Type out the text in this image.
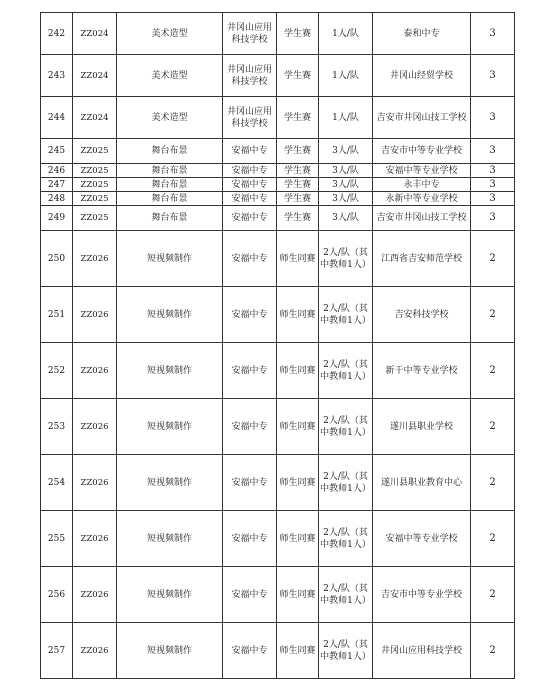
242	ZZ024	美术造型	井冈山应用科技学校	学生赛	1人/队	泰和中专	3
243	ZZ024	美术造型	井冈山应用科技学校	学生赛	1人/队	井冈山经贸学校	3
244	ZZ024	美术造型	井冈山应用科技学校	学生赛	1人/队	吉安市井冈山技工学校	3
245	ZZ025	舞台布景	安福中专	学生赛	3人/队	吉安市中等专业学校	3
246	ZZ025	舞台布景	安福中专	学生赛	3人/队	安福中等专业学校	3
247	ZZ025	舞台布景	安福中专	学生赛	3人/队	永丰中专	3
248	ZZ025	舞台布景	安福中专	学生赛	3人/队	永新中等专业学校	3
249	ZZ025	舞台布景	安福中专	学生赛	3人/队	吉安市井冈山技工学校	3
250	ZZ026	短视频制作	安福中专	师生同赛	2人/队（其中教师1人）	江西省吉安师范学校	2
251	ZZ026	短视频制作	安福中专	师生同赛	2人/队（其中教师1人）	吉安科技学校	2
252	ZZ026	短视频制作	安福中专	师生同赛	2人/队（其中教师1人）	新干中等专业学校	2
253	ZZ026	短视频制作	安福中专	师生同赛	2人/队（其中教师1人）	遂川县职业学校	2
254	ZZ026	短视频制作	安福中专	师生同赛	2人/队（其中教师1人）	遂川县职业教育中心	2
255	ZZ026	短视频制作	安福中专	师生同赛	2人/队（其中教师1人）	安福中等专业学校	2
256	ZZ026	短视频制作	安福中专	师生同赛	2人/队（其中教师1人）	吉安市中等专业学校	2
257	ZZ026	短视频制作	安福中专	师生同赛	2人/队（其中教师1人）	井冈山应用科技学校	2
